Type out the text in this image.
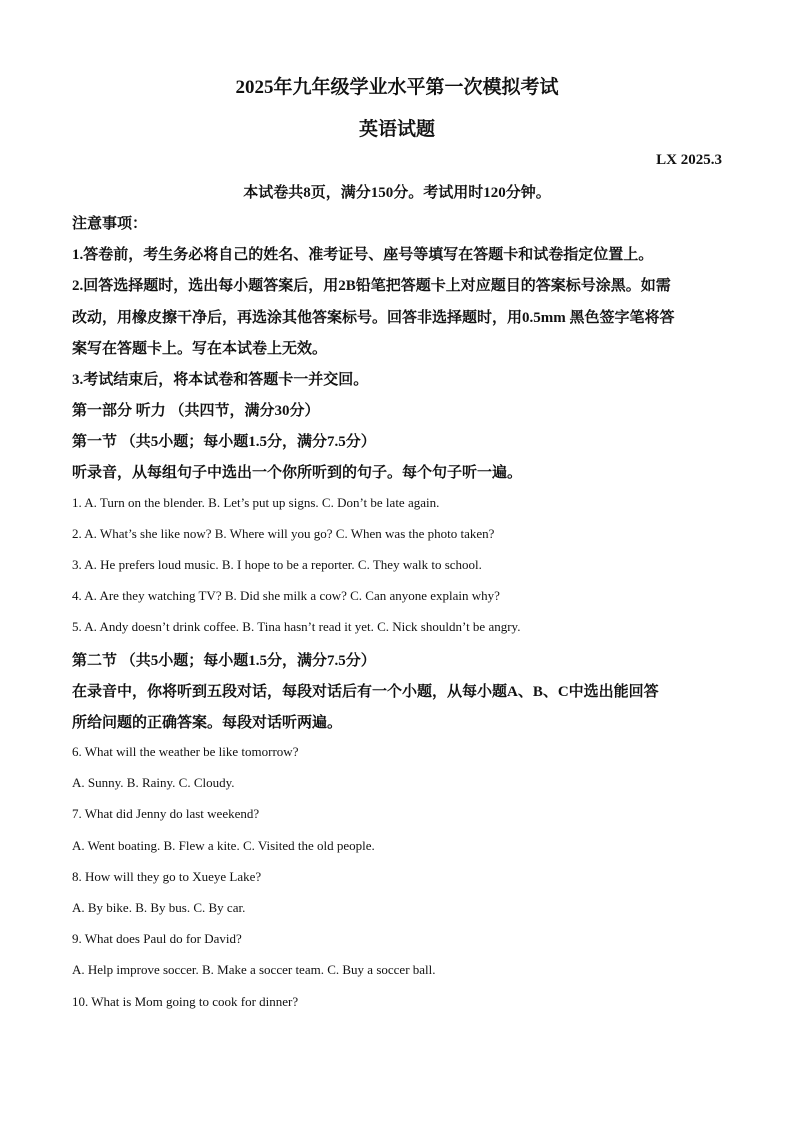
2025年九年级学业水平第一次模拟考试
英语试题
LX 2025.3
本试卷共8页，满分150分。考试用时120分钟。
注意事项：
1.答卷前，考生务必将自己的姓名、准考证号、座号等填写在答题卡和试卷指定位置上。
2.回答选择题时，选出每小题答案后，用2B铅笔把答题卡上对应题目的答案标号涂黑。如需
改动，用橡皮擦干净后，再选涂其他答案标号。回答非选择题时，用0.5mm 黑色签字笔将答
案写在答题卡上。写在本试卷上无效。
3.考试结束后，将本试卷和答题卡一并交回。
第一部分 听力 （共四节，满分30分）
第一节 （共5小题；每小题1.5分，满分7.5分）
听录音，从每组句子中选出一个你所听到的句子。每个句子听一遍。
1. A. Turn on the blender. B. Let’s put up signs. C. Don’t be late again.
2. A. What’s she like now? B. Where will you go? C. When was the photo taken?
3. A. He prefers loud music. B. I hope to be a reporter. C. They walk to school.
4. A. Are they watching TV? B. Did she milk a cow? C. Can anyone explain why?
5. A. Andy doesn’t drink coffee. B. Tina hasn’t read it yet. C. Nick shouldn’t be angry.
第二节 （共5小题；每小题1.5分，满分7.5分）
在录音中，你将听到五段对话，每段对话后有一个小题，从每小题A、B、C中选出能回答
所给问题的正确答案。每段对话听两遍。
6. What will the weather be like tomorrow?
A. Sunny. B. Rainy. C. Cloudy.
7. What did Jenny do last weekend?
A. Went boating. B. Flew a kite. C. Visited the old people.
8. How will they go to Xueye Lake?
A. By bike. B. By bus. C. By car.
9. What does Paul do for David?
A. Help improve soccer. B. Make a soccer team. C. Buy a soccer ball.
10. What is Mom going to cook for dinner?
